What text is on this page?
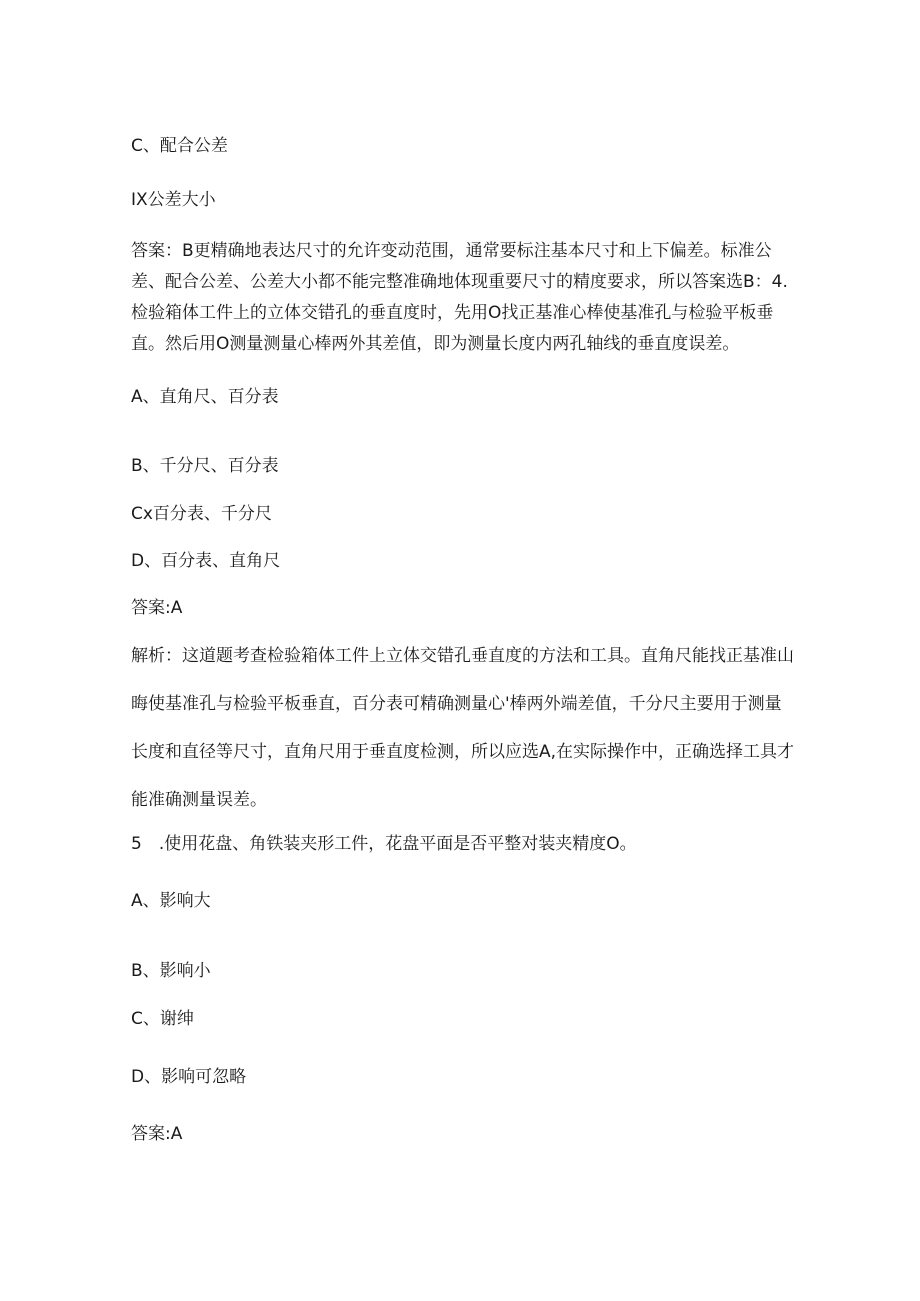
C、配合公差
IX公差大小
答案：B更精确地表达尺寸的允许变动范围，通常要标注基本尺寸和上下偏差。标准公差、配合公差、公差大小都不能完整准确地体现重要尺寸的精度要求，所以答案选B：4.检验箱体工件上的立体交错孔的垂直度时，先用O找正基准心棒使基准孔与检验平板垂直。然后用O测量测量心棒两外其差值，即为测量长度内两孔轴线的垂直度误差。
A、直角尺、百分表
B、千分尺、百分表
Cx百分表、千分尺
D、百分表、直角尺
答案:A
解析：这道题考查检验箱体工件上立体交错孔垂直度的方法和工具。直角尺能找正基准山晦使基准孔与检验平板垂直，百分表可精确测量心'棒两外端差值，千分尺主要用于测量长度和直径等尺寸，直角尺用于垂直度检测，所以应选A,在实际操作中，正确选择工具才能准确测量误差。
5　.使用花盘、角铁装夹形工件，花盘平面是否平整对装夹精度O。
A、影响大
B、影响小
C、谢绅
D、影响可忽略
答案:A
